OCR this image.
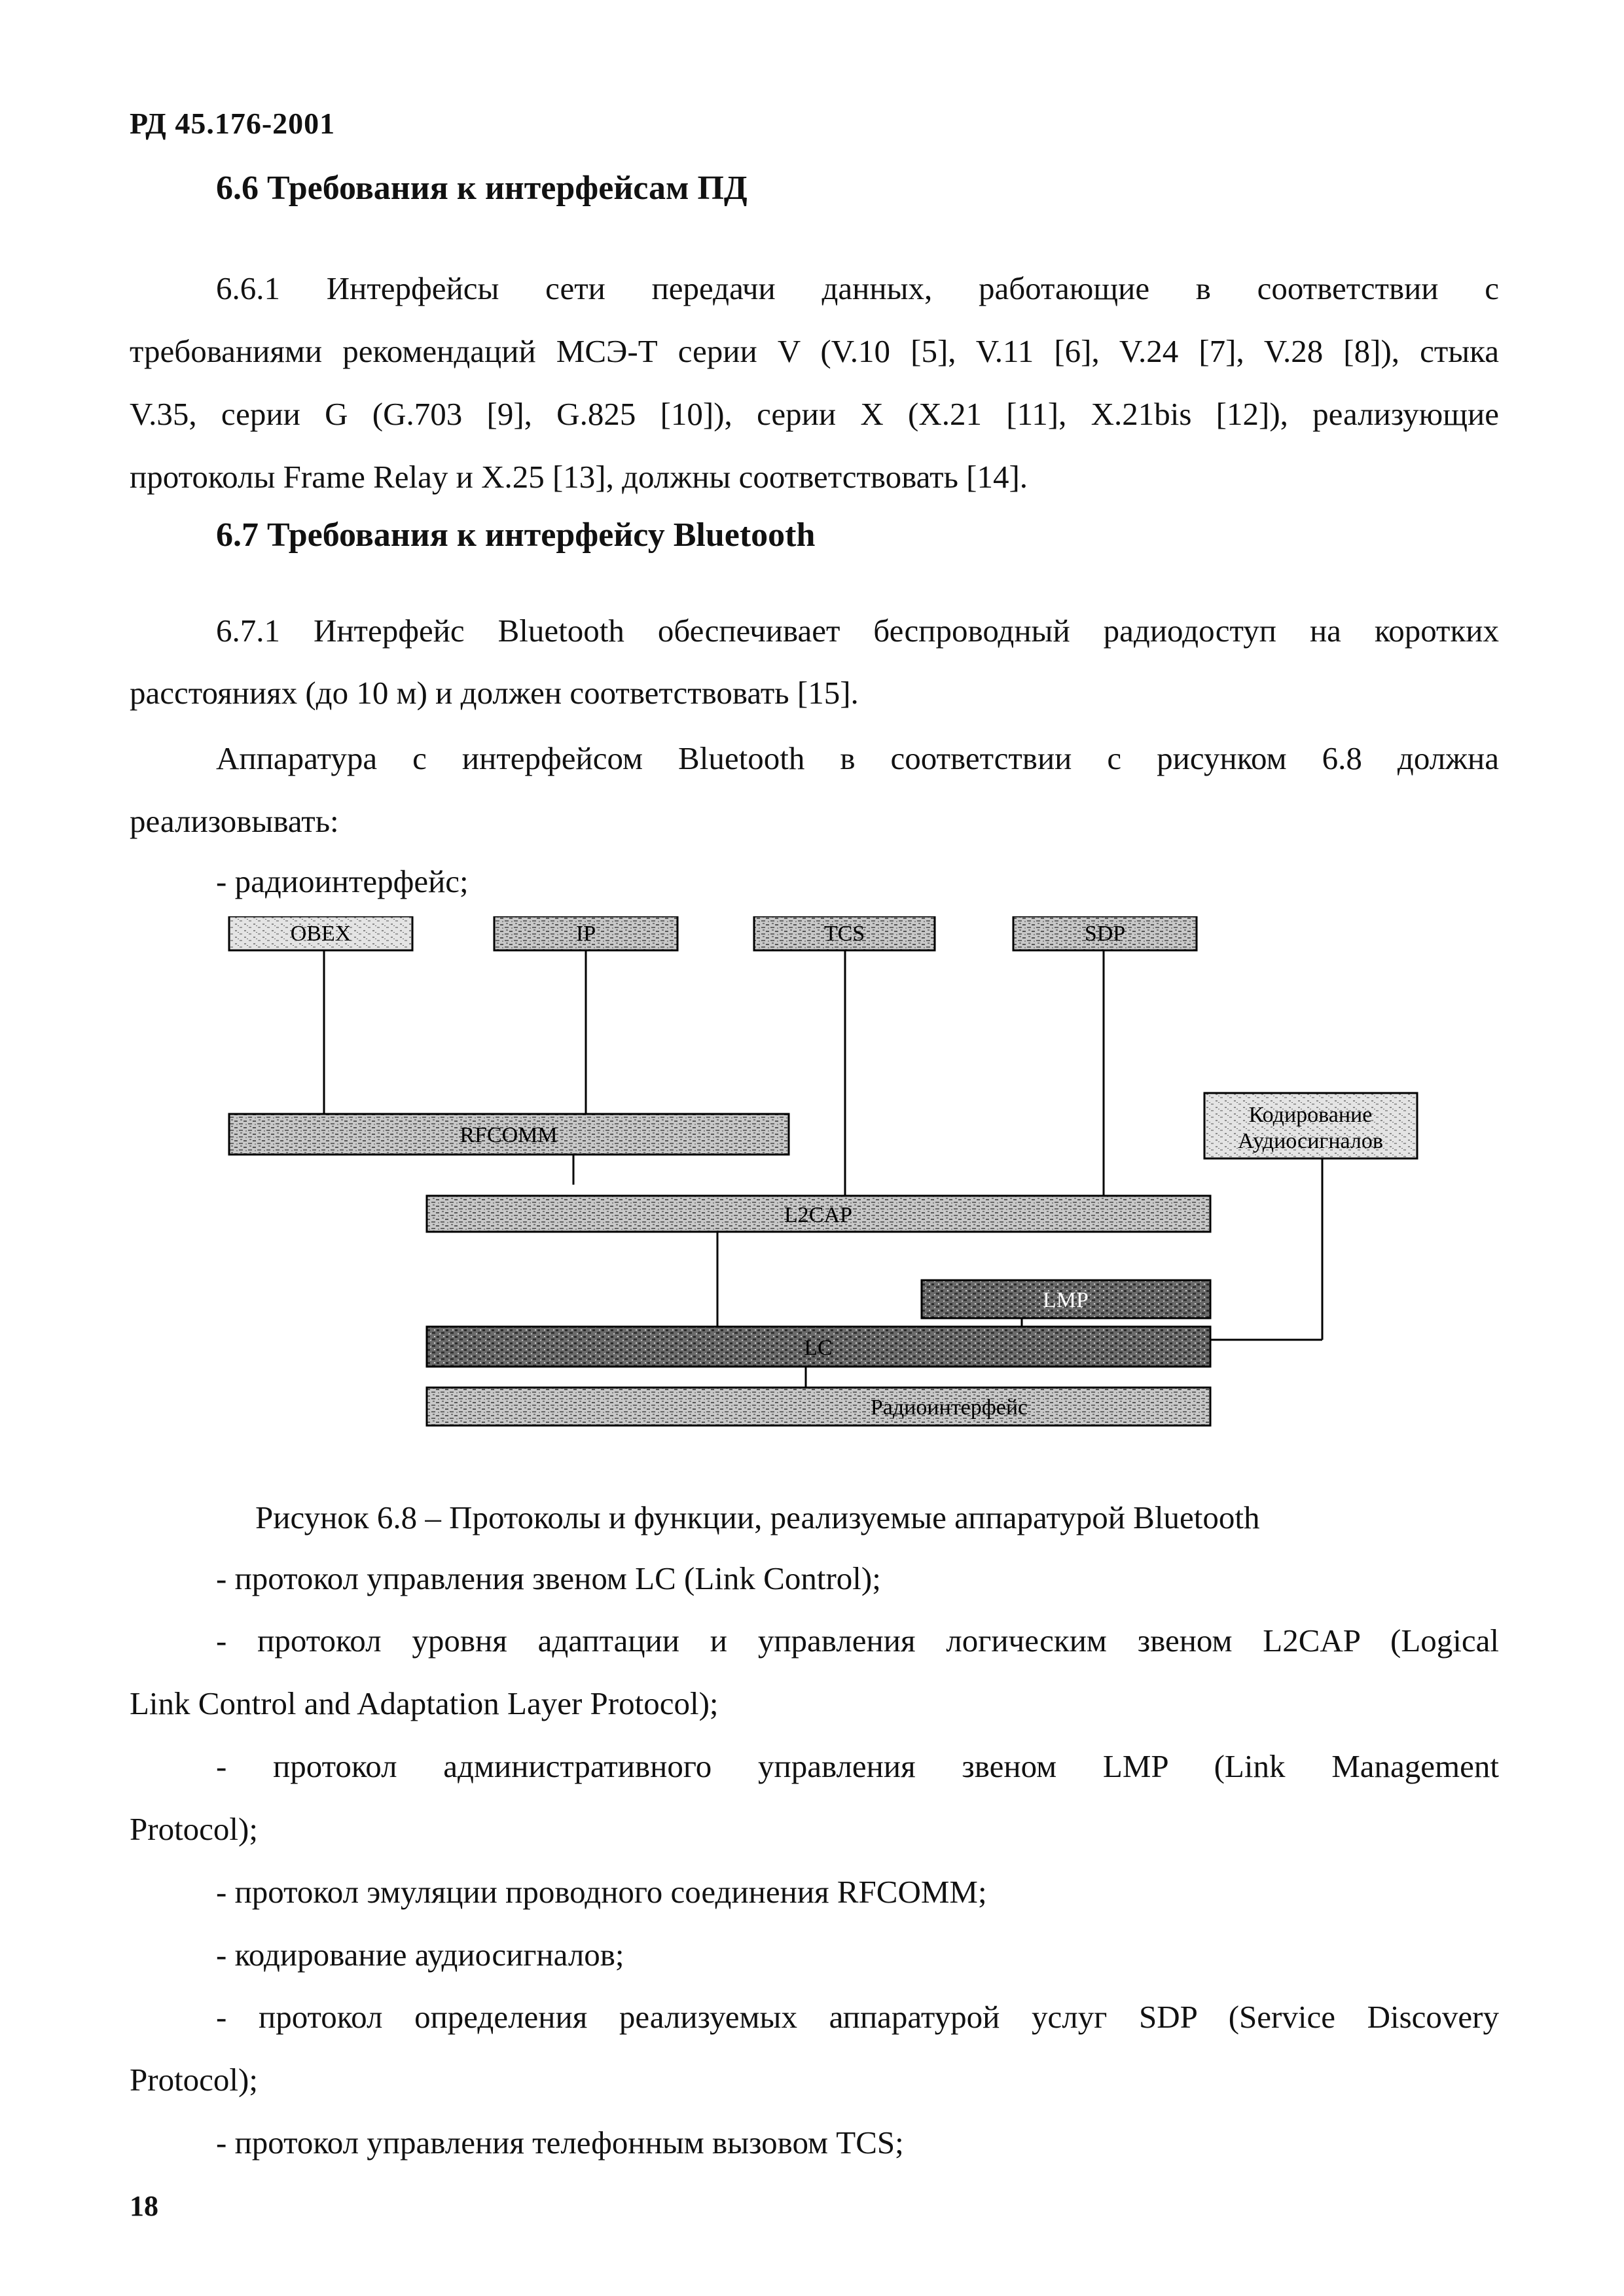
РД 45.176-2001
6.6 Требования к интерфейсам ПД
6.6.1 Интерфейсы сети передачи данных, работающие в соответствии с
требованиями рекомендаций МСЭ-Т серии V (V.10 [5], V.11 [6], V.24 [7], V.28 [8]), стыка
V.35, серии G (G.703 [9], G.825 [10]), серии X (X.21 [11], X.21bis [12]), реализующие
протоколы Frame Relay и X.25 [13], должны соответствовать [14].
6.7 Требования к интерфейсу Bluetooth
6.7.1 Интерфейс Bluetooth обеспечивает беспроводный радиодоступ на коротких
расстояниях (до 10 м) и должен соответствовать [15].
Аппаратура с интерфейсом Bluetooth в соответствии с рисунком 6.8 должна
реализовывать:
- радиоинтерфейс;
OBEX	IP	TCS	SDP
RFCOMM
Кодирование
Аудиосигналов
L2CAP
LMP
LC
Радиоинтерфейс
Рисунок 6.8 – Протоколы и функции, реализуемые аппаратурой Bluetooth
- протокол управления звеном LC (Link Control);
- протокол уровня адаптации и управления логическим звеном L2CAP (Logical
Link Control and Adaptation Layer Protocol);
- протокол административного управления звеном LMP (Link Management
Protocol);
- протокол эмуляции проводного соединения RFCOMM;
- кодирование аудиосигналов;
- протокол определения реализуемых аппаратурой услуг SDP (Service Discovery
Protocol);
- протокол управления телефонным вызовом TCS;
18
